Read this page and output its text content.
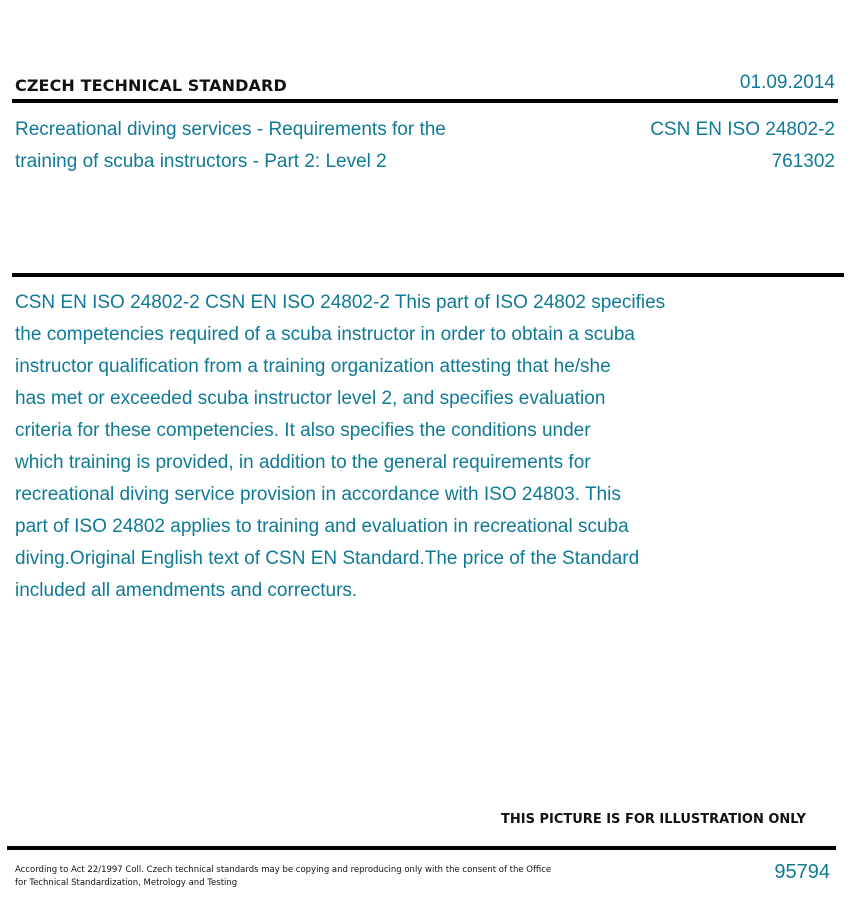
CZECH TECHNICAL STANDARD	01.09.2014
Recreational diving services - Requirements for the
training of scuba instructors - Part 2: Level 2
CSN EN ISO 24802-2
761302
CSN EN ISO 24802-2 CSN EN ISO 24802-2 This part of ISO 24802 specifies
the competencies required of a scuba instructor in order to obtain a scuba
instructor qualification from a training organization attesting that he/she
has met or exceeded scuba instructor level 2, and specifies evaluation
criteria for these competencies. It also specifies the conditions under
which training is provided, in addition to the general requirements for
recreational diving service provision in accordance with ISO 24803. This
part of ISO 24802 applies to training and evaluation in recreational scuba
diving.Original English text of CSN EN Standard.The price of the Standard
included all amendments and correcturs.
THIS PICTURE IS FOR ILLUSTRATION ONLY
According to Act 22/1997 Coll. Czech technical standards may be copying and reproducing only with the consent of the Office
for Technical Standardization, Metrology and Testing	95794
